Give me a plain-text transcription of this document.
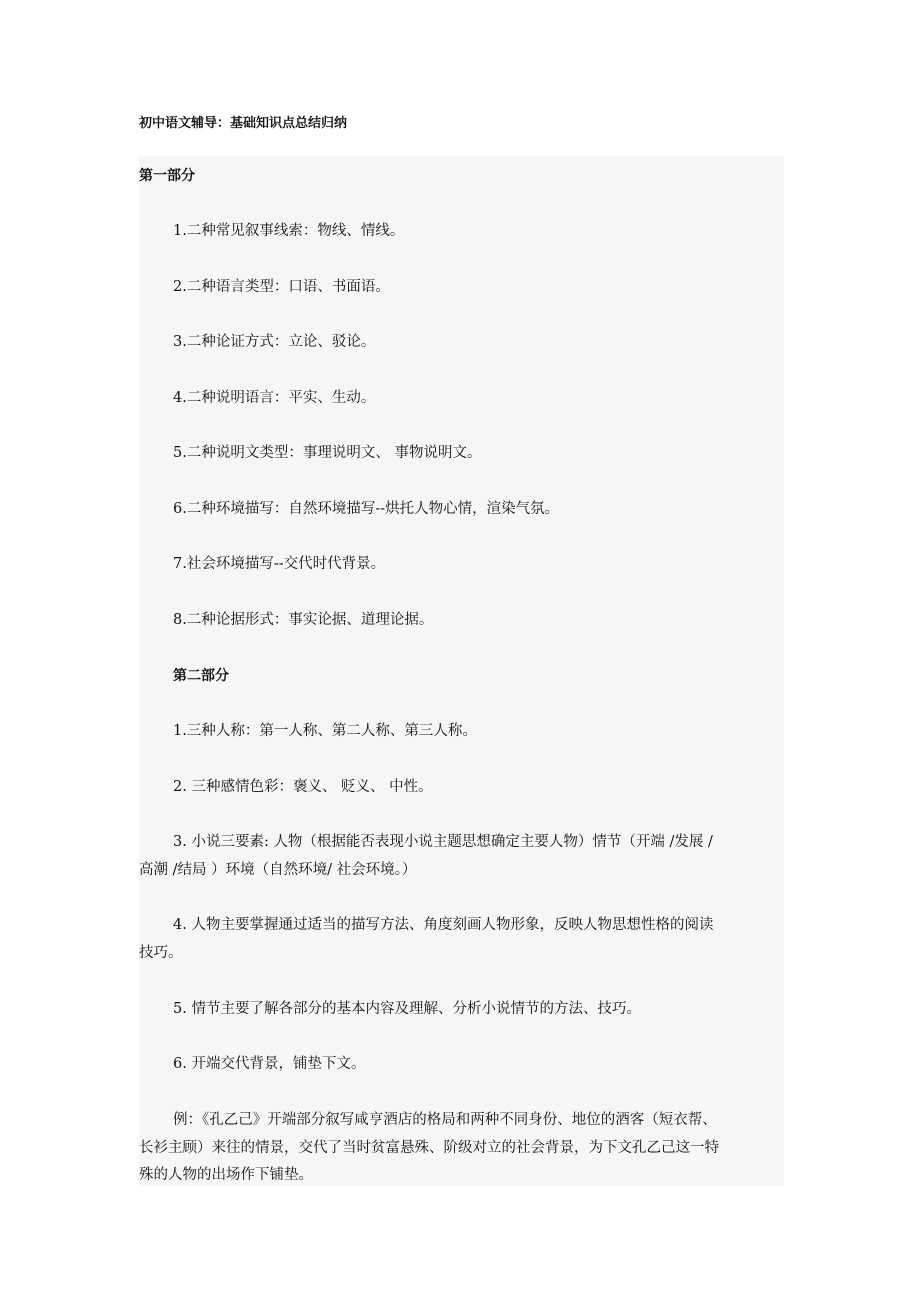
初中语文辅导：基础知识点总结归纳
第一部分
1.二种常见叙事线索：物线、情线。
2.二种语言类型：口语、书面语。
3.二种论证方式：立论、驳论。
4.二种说明语言：平实、生动。
5.二种说明文类型：事理说明文、 事物说明文。
6.二种环境描写：自然环境描写--烘托人物心情，渲染气氛。
7.社会环境描写--交代时代背景。
8.二种论据形式：事实论据、道理论据。
第二部分
1.三种人称：第一人称、第二人称、第三人称。
2. 三种感情色彩：褒义、 贬义、 中性。
3. 小说三要素: 人物（根据能否表现小说主题思想确定主要人物）情节（开端 /发展 /
高潮 /结局 ）环境（自然环境/ 社会环境。）
4. 人物主要掌握通过适当的描写方法、角度刻画人物形象，反映人物思想性格的阅读
技巧。
5. 情节主要了解各部分的基本内容及理解、分析小说情节的方法、技巧。
6. 开端交代背景，铺垫下文。
例：《孔乙己》开端部分叙写咸亨酒店的格局和两种不同身份、地位的酒客（短衣帮、
长衫主顾）来往的情景，交代了当时贫富悬殊、阶级对立的社会背景，为下文孔乙己这一特
殊的人物的出场作下铺垫。
